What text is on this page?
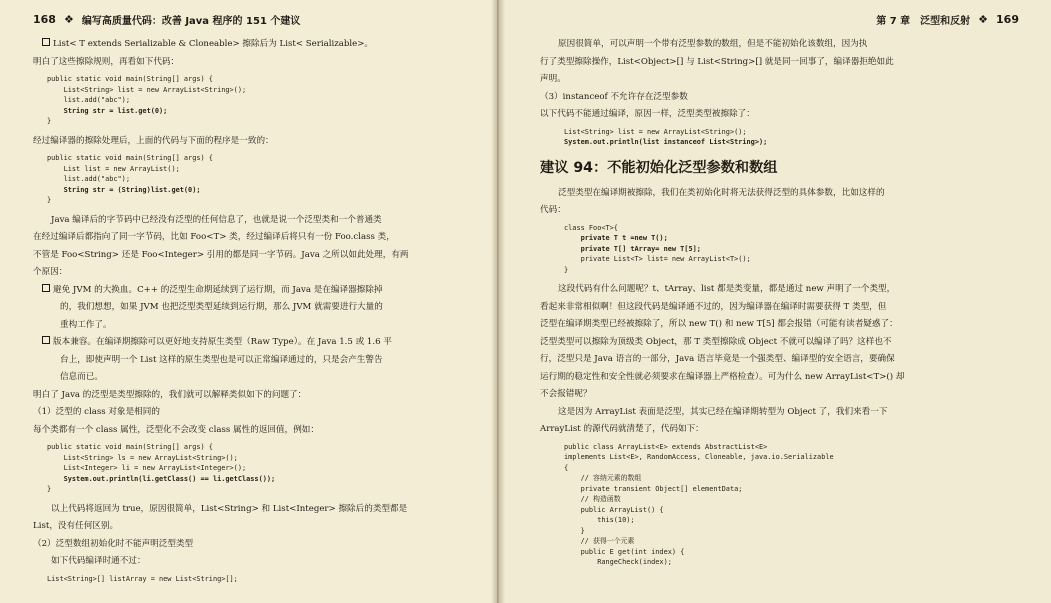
168 ❖ 编写高质量代码：改善 Java 程序的 151 个建议
List< T extends Serializable & Cloneable> 擦除后为 List< Serializable>。
明白了这些擦除规则，再看如下代码：
public static void main(String[] args) {
List<String> list = new ArrayList<String>();
list.add("abc");
String str = list.get(0);
}
经过编译器的擦除处理后，上面的代码与下面的程序是一致的：
public static void main(String[] args) {
List list = new ArrayList();
list.add("abc");
String str = (String)list.get(0);
}
Java 编译后的字节码中已经没有泛型的任何信息了，也就是说一个泛型类和一个普通类
在经过编译后都指向了同一字节码，比如 Foo<T> 类，经过编译后将只有一份 Foo.class 类，
不管是 Foo<String> 还是 Foo<Integer> 引用的都是同一字节码。Java 之所以如此处理，有两
个原因：
避免 JVM 的大换血。C++ 的泛型生命期延续到了运行期，而 Java 是在编译器擦除掉
的，我们想想，如果 JVM 也把泛型类型延续到运行期，那么 JVM 就需要进行大量的
重构工作了。
版本兼容。在编译期擦除可以更好地支持原生类型（Raw Type）。在 Java 1.5 或 1.6 平
台上，即使声明一个 List 这样的原生类型也是可以正常编译通过的，只是会产生警告
信息而已。
明白了 Java 的泛型是类型擦除的，我们就可以解释类似如下的问题了：
（1）泛型的 class 对象是相同的
每个类都有一个 class 属性，泛型化不会改变 class 属性的返回值，例如：
public static void main(String[] args) {
List<String> ls = new ArrayList<String>();
List<Integer> li = new ArrayList<Integer>();
System.out.println(li.getClass() == li.getClass());
}
以上代码将返回为 true，原因很简单，List<String> 和 List<Integer> 擦除后的类型都是
List，没有任何区别。
（2）泛型数组初始化时不能声明泛型类型
如下代码编译时通不过：
List<String>[] listArray = new List<String>[];
第 7 章　泛型和反射 ❖ 169
原因很简单，可以声明一个带有泛型参数的数组，但是不能初始化该数组，因为执
行了类型擦除操作，List<Object>[] 与 List<String>[] 就是同一回事了，编译器拒绝如此
声明。
（3）instanceof 不允许存在泛型参数
以下代码不能通过编译，原因一样，泛型类型被擦除了：
List<String> list = new ArrayList<String>();
System.out.println(list instanceof List<String>);
建议 94：不能初始化泛型参数和数组
泛型类型在编译期被擦除，我们在类初始化时将无法获得泛型的具体参数，比如这样的
代码：
class Foo<T>{
private T t =new T();
private T[] tArray= new T[5];
private List<T> list= new ArrayList<T>();
}
这段代码有什么问题呢？t、tArray、list 都是类变量，都是通过 new 声明了一个类型，
看起来非常相似啊！但这段代码是编译通不过的，因为编译器在编译时需要获得 T 类型，但
泛型在编译期类型已经被擦除了，所以 new T() 和 new T[5] 都会报错（可能有读者疑惑了：
泛型类型可以擦除为顶级类 Object，那 T 类型擦除成 Object 不就可以编译了吗？这样也不
行，泛型只是 Java 语言的一部分，Java 语言毕竟是一个强类型、编译型的安全语言，要确保
运行期的稳定性和安全性就必须要求在编译器上严格检查）。可为什么 new ArrayList<T>() 却
不会报错呢？
这是因为 ArrayList 表面是泛型，其实已经在编译期转型为 Object 了，我们来看一下
ArrayList 的源代码就清楚了，代码如下：
public class ArrayList<E> extends AbstractList<E>
implements List<E>, RandomAccess, Cloneable, java.io.Serializable
{
// 容纳元素的数组
private transient Object[] elementData;
// 构造函数
public ArrayList() {
this(10);
}
// 获得一个元素
public E get(int index) {
RangeCheck(index);
